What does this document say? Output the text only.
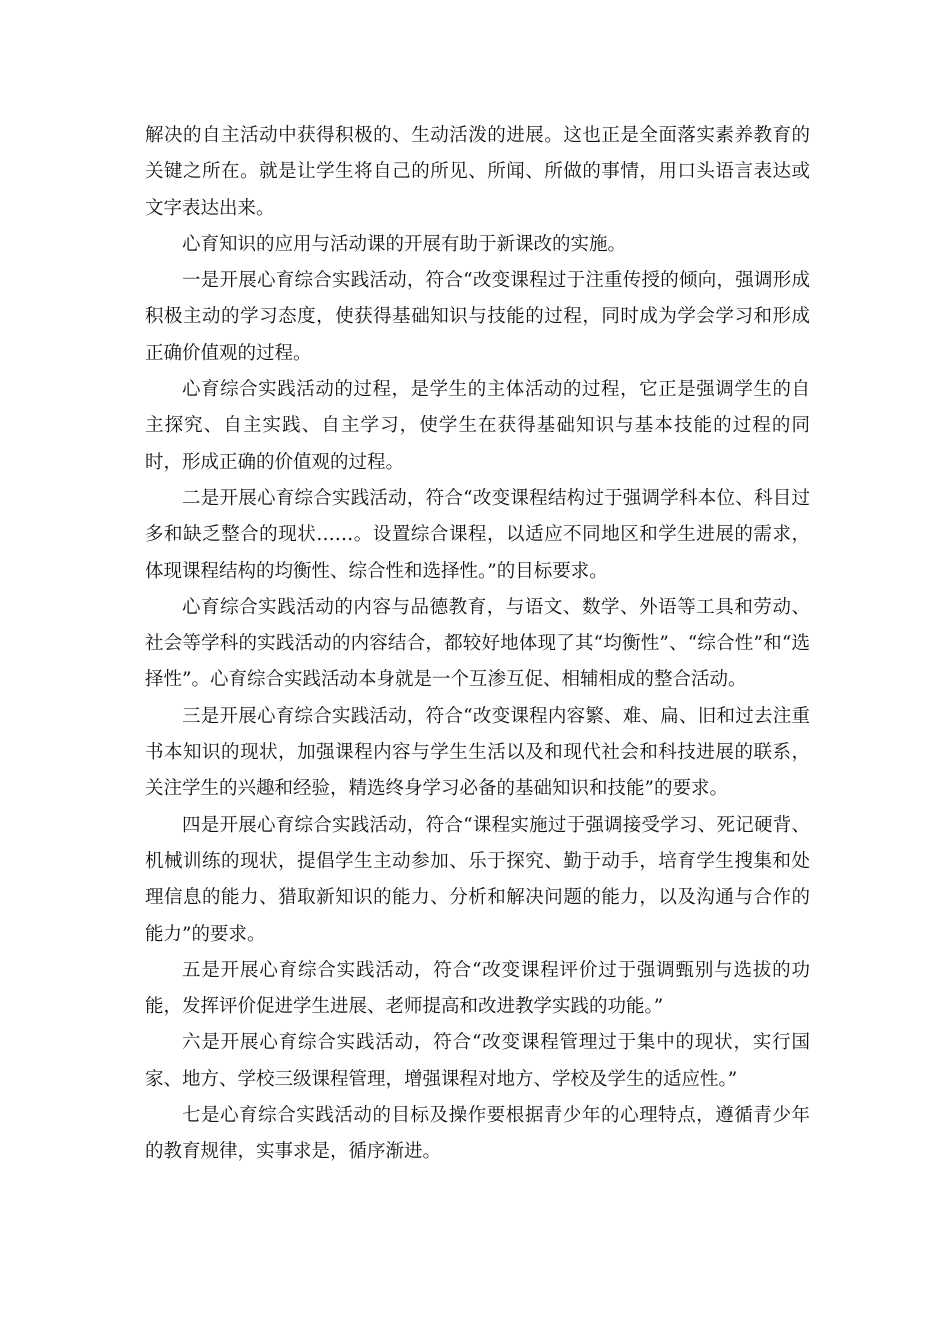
解决的自主活动中获得积极的、生动活泼的进展。这也正是全面落实素养教育的关键之所在。就是让学生将自己的所见、所闻、所做的事情，用口头语言表达或文字表达出来。

心育知识的应用与活动课的开展有助于新课改的实施。

一是开展心育综合实践活动，符合“改变课程过于注重传授的倾向，强调形成积极主动的学习态度，使获得基础知识与技能的过程，同时成为学会学习和形成正确价值观的过程。

心育综合实践活动的过程，是学生的主体活动的过程，它正是强调学生的自主探究、自主实践、自主学习，使学生在获得基础知识与基本技能的过程的同时，形成正确的价值观的过程。

二是开展心育综合实践活动，符合“改变课程结构过于强调学科本位、科目过多和缺乏整合的现状……。设置综合课程，以适应不同地区和学生进展的需求，体现课程结构的均衡性、综合性和选择性。”的目标要求。

心育综合实践活动的内容与品德教育，与语文、数学、外语等工具和劳动、社会等学科的实践活动的内容结合，都较好地体现了其“均衡性”、“综合性”和“选择性”。心育综合实践活动本身就是一个互渗互促、相辅相成的整合活动。

三是开展心育综合实践活动，符合“改变课程内容繁、难、扁、旧和过去注重书本知识的现状，加强课程内容与学生生活以及和现代社会和科技进展的联系，关注学生的兴趣和经验，精选终身学习必备的基础知识和技能”的要求。

四是开展心育综合实践活动，符合“课程实施过于强调接受学习、死记硬背、机械训练的现状，提倡学生主动参加、乐于探究、勤于动手，培育学生搜集和处理信息的能力、猎取新知识的能力、分析和解决问题的能力，以及沟通与合作的能力”的要求。

五是开展心育综合实践活动，符合“改变课程评价过于强调甄别与选拔的功能，发挥评价促进学生进展、老师提高和改进教学实践的功能。”

六是开展心育综合实践活动，符合“改变课程管理过于集中的现状，实行国家、地方、学校三级课程管理，增强课程对地方、学校及学生的适应性。”

七是心育综合实践活动的目标及操作要根据青少年的心理特点，遵循青少年的教育规律，实事求是，循序渐进。
